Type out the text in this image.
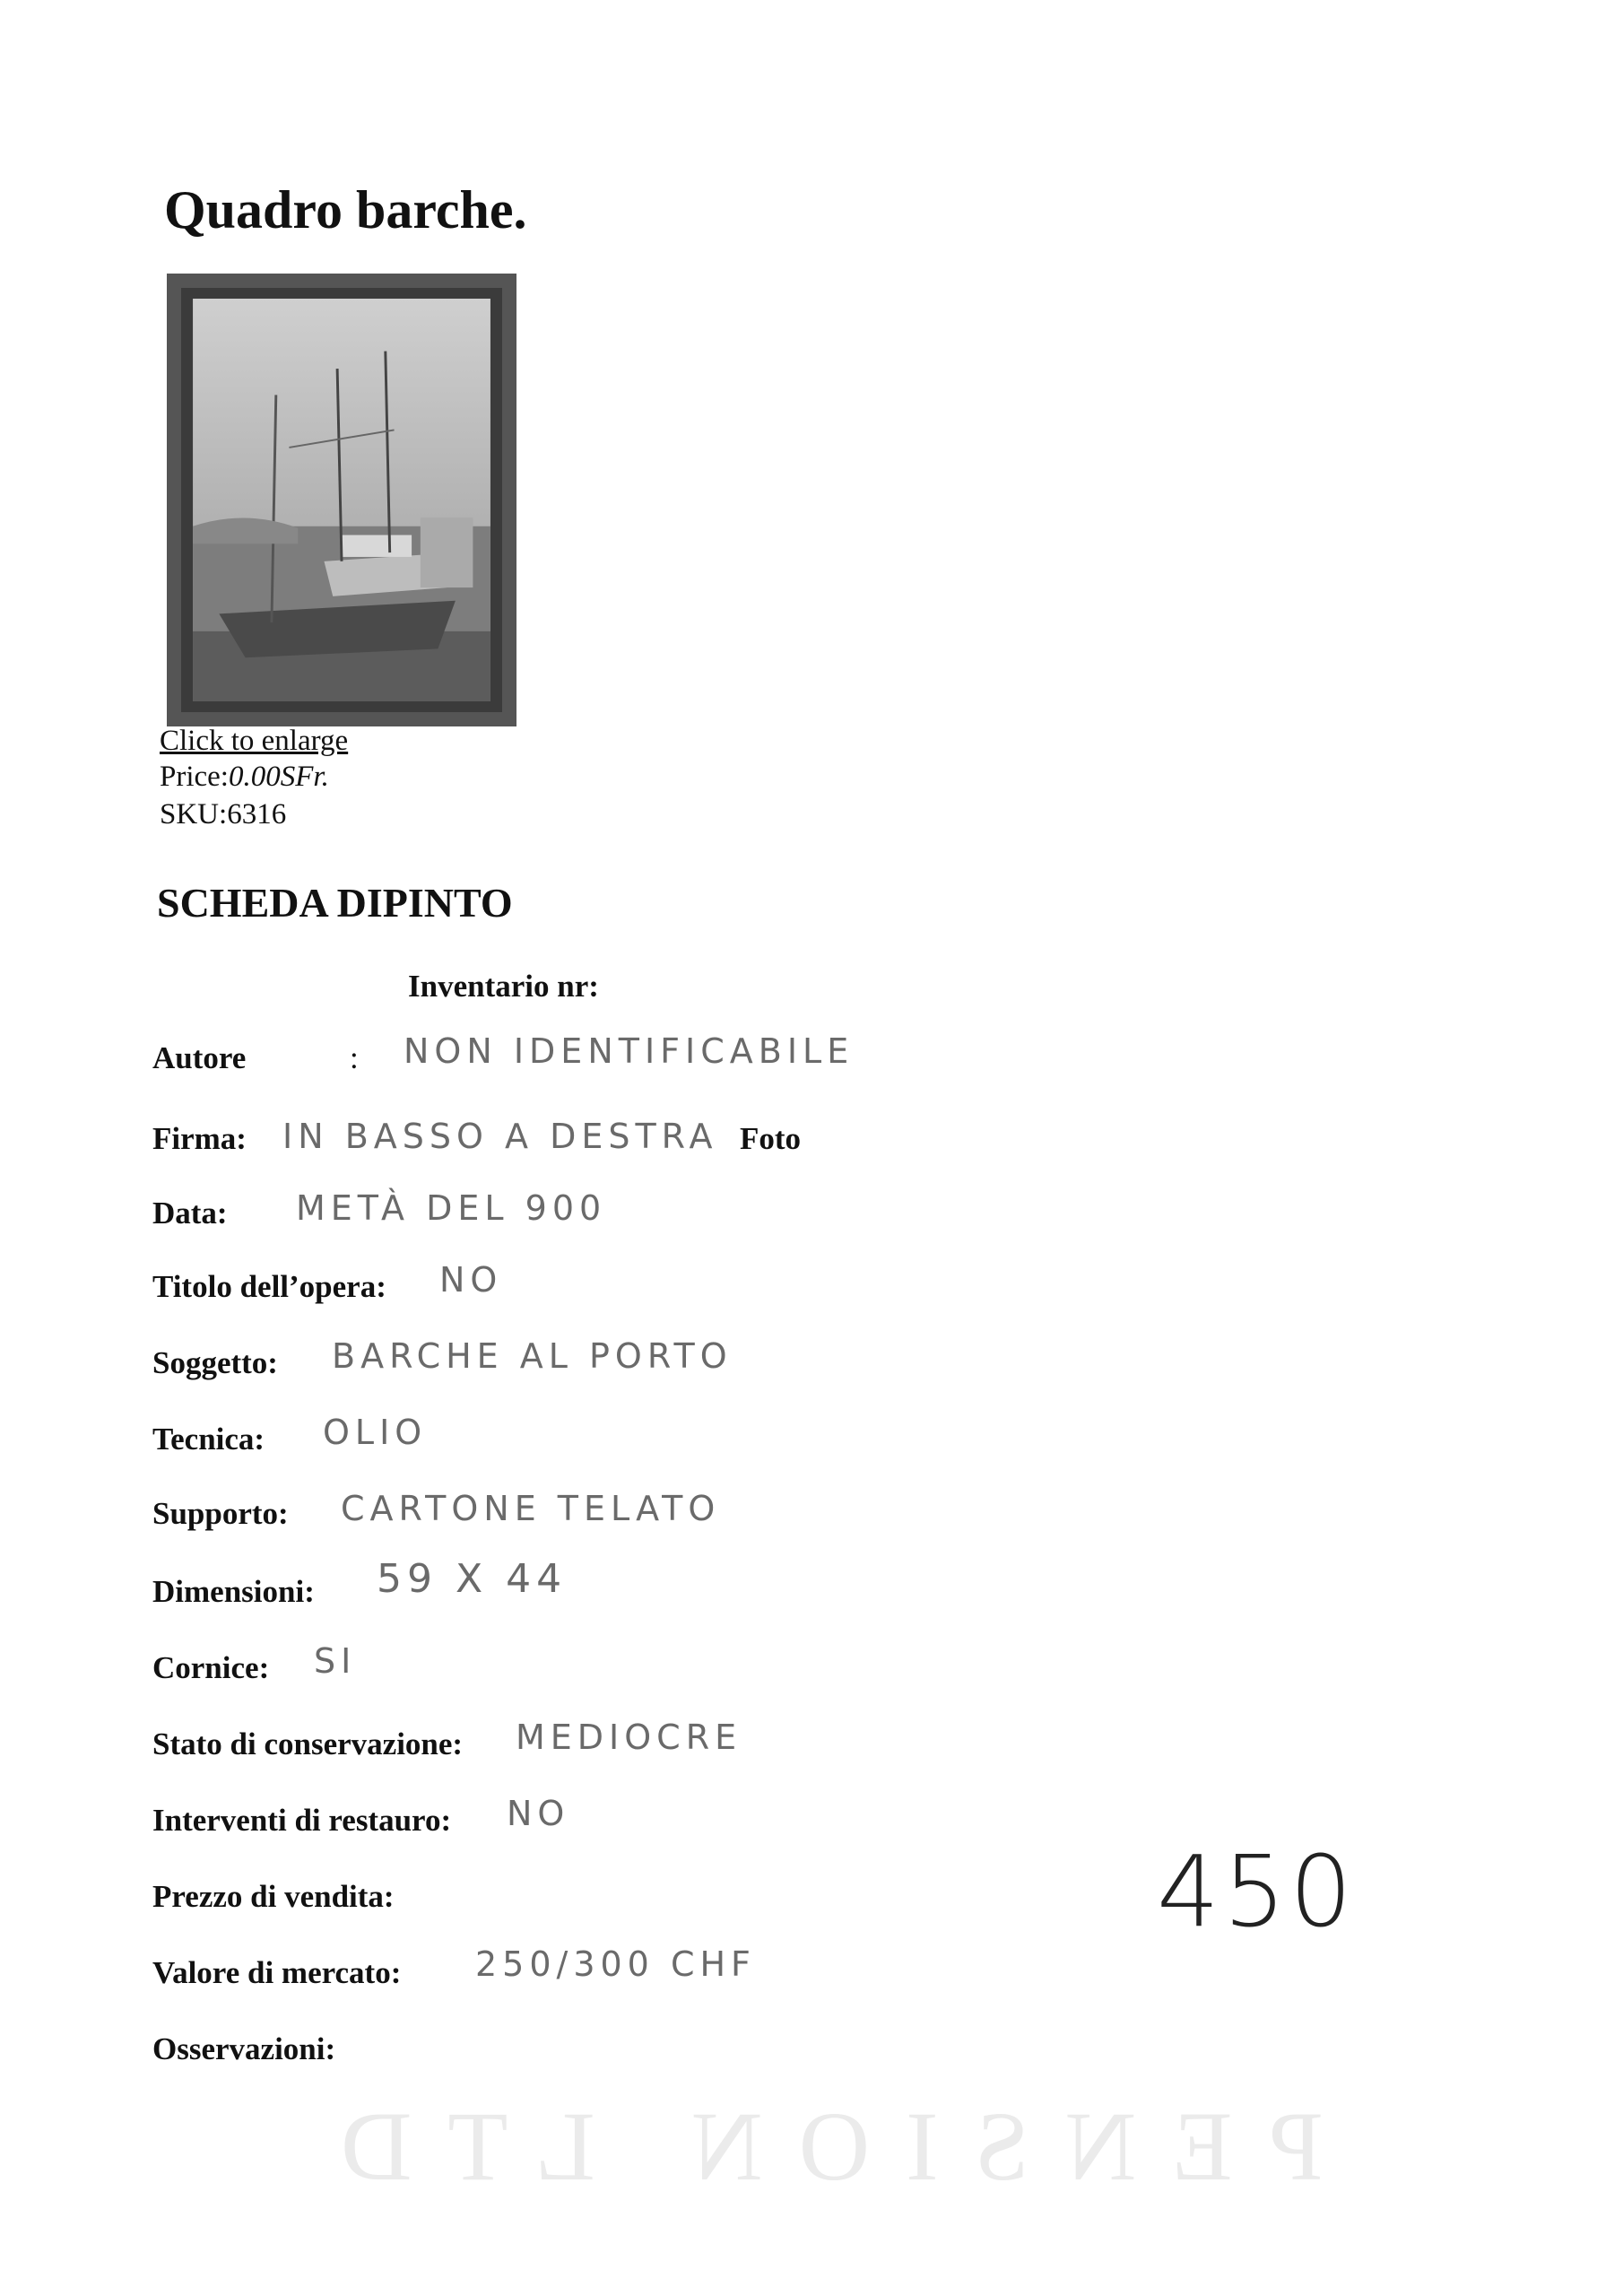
Quadro barche.
Click to enlarge
Price:0.00SFr.
SKU:6316
SCHEDA DIPINTO
Inventario nr:
Autore	: NON IDENTIFICABILE
Firma: IN BASSO A DESTRA Foto
Data: METÀ DEL 900
Titolo dell’opera: NO
Soggetto: BARCHE AL PORTO
Tecnica: OLIO
Supporto: CARTONE TELATO
Dimensioni: 59 X 44
Cornice: SI
Stato di conservazione: MEDIOCRE
Interventi di restauro: NO
Prezzo di vendita:	450
Valore di mercato: 250/300 CHF
Osservazioni:
PENSION LTD
